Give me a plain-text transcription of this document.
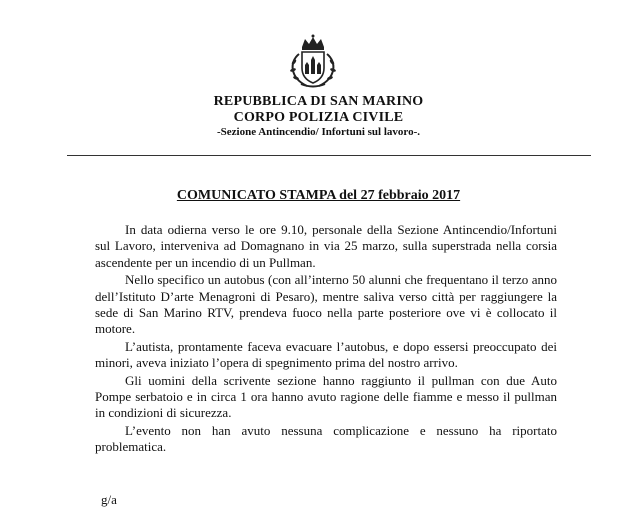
REPUBBLICA DI SAN MARINO
CORPO POLIZIA CIVILE
-Sezione Antincendio/ Infortuni sul lavoro-.
COMUNICATO STAMPA del 27 febbraio 2017

In data odierna verso le ore 9.10, personale della Sezione Antincendio/Infortuni sul Lavoro, interveniva ad Domagnano in via 25 marzo, sulla superstrada nella corsia ascendente per un incendio di un Pullman.

Nello specifico un autobus (con all’interno 50 alunni che frequentano il terzo anno dell’Istituto D’arte Menagroni di Pesaro), mentre saliva verso città per raggiungere la sede di San Marino RTV, prendeva fuoco nella parte posteriore ove vi è collocato il motore.

L’autista, prontamente faceva evacuare l’autobus, e dopo essersi preoccupato dei minori, aveva iniziato l’opera di spegnimento prima del nostro arrivo.

Gli uomini della scrivente sezione hanno raggiunto il pullman con due Auto Pompe serbatoio e in circa 1 ora hanno avuto ragione delle fiamme e messo il pullman in condizioni di sicurezza.

L’evento non han avuto nessuna complicazione e nessuno ha riportato problematica.

g/a
